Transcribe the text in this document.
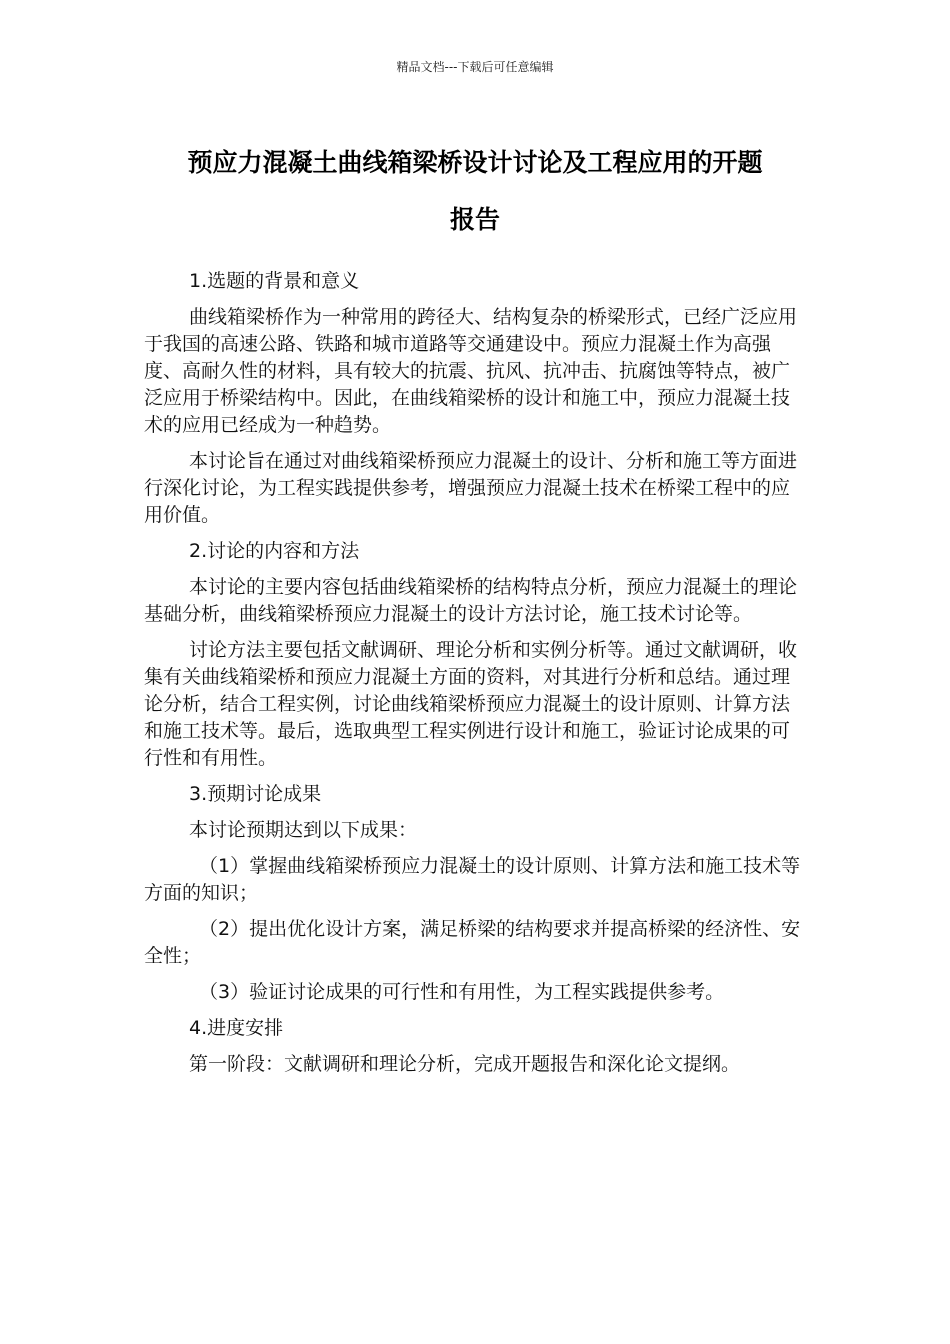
精品文档---下载后可任意编辑
预应力混凝土曲线箱梁桥设计讨论及工程应用的开题
报告

1.选题的背景和意义

曲线箱梁桥作为一种常用的跨径大、结构复杂的桥梁形式，已经广泛应用于我国的高速公路、铁路和城市道路等交通建设中。预应力混凝土作为高强度、高耐久性的材料，具有较大的抗震、抗风、抗冲击、抗腐蚀等特点，被广泛应用于桥梁结构中。因此，在曲线箱梁桥的设计和施工中，预应力混凝土技术的应用已经成为一种趋势。

本讨论旨在通过对曲线箱梁桥预应力混凝土的设计、分析和施工等方面进行深化讨论，为工程实践提供参考，增强预应力混凝土技术在桥梁工程中的应用价值。

2.讨论的内容和方法

本讨论的主要内容包括曲线箱梁桥的结构特点分析，预应力混凝土的理论基础分析，曲线箱梁桥预应力混凝土的设计方法讨论，施工技术讨论等。

讨论方法主要包括文献调研、理论分析和实例分析等。通过文献调研，收集有关曲线箱梁桥和预应力混凝土方面的资料，对其进行分析和总结。通过理论分析，结合工程实例，讨论曲线箱梁桥预应力混凝土的设计原则、计算方法和施工技术等。最后，选取典型工程实例进行设计和施工，验证讨论成果的可行性和有用性。

3.预期讨论成果

本讨论预期达到以下成果：

（1）掌握曲线箱梁桥预应力混凝土的设计原则、计算方法和施工技术等方面的知识；

（2）提出优化设计方案，满足桥梁的结构要求并提高桥梁的经济性、安全性；

（3）验证讨论成果的可行性和有用性，为工程实践提供参考。

4.进度安排

第一阶段：文献调研和理论分析，完成开题报告和深化论文提纲。
